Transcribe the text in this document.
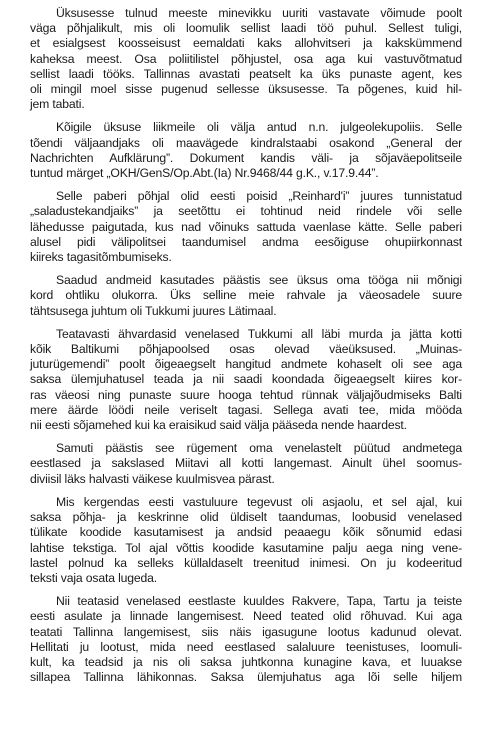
Üksusesse tulnud meeste minevikku uuriti vastavate võimude poolt
väga põhjalikult, mis oli loomulik sellist laadi töö puhul. Sellest tuligi,
et esialgsest koosseisust eemaldati kaks allohvitseri ja kakskümmend
kaheksa meest. Osa poliitilistel põhjustel, osa aga kui vastuvõtmatud
sellist laadi tööks. Tallinnas avastati peatselt ka üks punaste agent, kes
oli mingil moel sisse pugenud sellesse üksusesse. Ta põgenes, kuid hil-
jem tabati.
Kõigile üksuse liikmeile oli välja antud n.n. julgeolekupoliis. Selle
tõendi väljaandjaks oli maavägede kindralstaabi osakond „General der
Nachrichten Aufklärung”. Dokument kandis väli- ja sõjaväepolitseile
tuntud märget „OKH/GenS/Op.Abt.(Ia) Nr.9468/44 g.K., v.17.9.44”.
Selle paberi põhjal olid eesti poisid „Reinhard'i” juures tunnistatud
„saladustekandjaiks” ja seetõttu ei tohtinud neid rindele või selle
lähedusse paigutada, kus nad võinuks sattuda vaenlase kätte. Selle paberi
alusel pidi välipolitsei taandumisel andma eesõiguse ohupiirkonnast
kiireks tagasitõmbumiseks.
Saadud andmeid kasutades päästis see üksus oma tööga nii mõnigi
kord ohtliku olukorra. Üks selline meie rahvale ja väeosadele suure
tähtsusega juhtum oli Tukkumi juures Lätimaal.
Teatavasti ähvardasid venelased Tukkumi all läbi murda ja jätta kotti
kõik Baltikumi põhjapoolsed osas olevad väeüksused. „Muinas-
juturügemendi” poolt õigeaegselt hangitud andmete kohaselt oli see aga
saksa ülemjuhatusel teada ja nii saadi koondada õigeaegselt kiires kor-
ras väeosi ning punaste suure hooga tehtud rünnak väljajõudmiseks Balti
mere äärde löödi neile veriselt tagasi. Sellega avati tee, mida mööda
nii eesti sõjamehed kui ka eraisikud said välja pääseda nende haardest.
Samuti päästis see rügement oma venelastelt püütud andmetega
eestlased ja sakslased Miitavi all kotti langemast. Ainult üheI soomus-
diviisil läks halvasti väikese kuulmisvea pärast.
Mis kergendas eesti vastuluure tegevust oli asjaolu, et sel ajal, kui
saksa põhja- ja keskrinne olid üldiselt taandumas, loobusid venelased
tülikate koodide kasutamisest ja andsid peaaegu kõik sõnumid edasi
lahtise tekstiga. Tol ajal võttis koodide kasutamine palju aega ning vene-
lastel polnud ka selleks küllaldaselt treenitud inimesi. On ju kodeeritud
teksti vaja osata lugeda.
Nii teatasid venelased eestlaste kuuldes Rakvere, Tapa, Tartu ja teiste
eesti asulate ja linnade langemisest. Need teated olid rõhuvad. Kui aga
teatati Tallinna langemisest, siis näis igasugune lootus kadunud olevat.
Hellitati ju lootust, mida need eestlased salaluure teenistuses, loomuli-
kult, ka teadsid ja nis oli saksa juhtkonna kunagine kava, et luuakse
sillapea Tallinna lähikonnas. Saksa ülemjuhatus aga lõi selle hiljem
